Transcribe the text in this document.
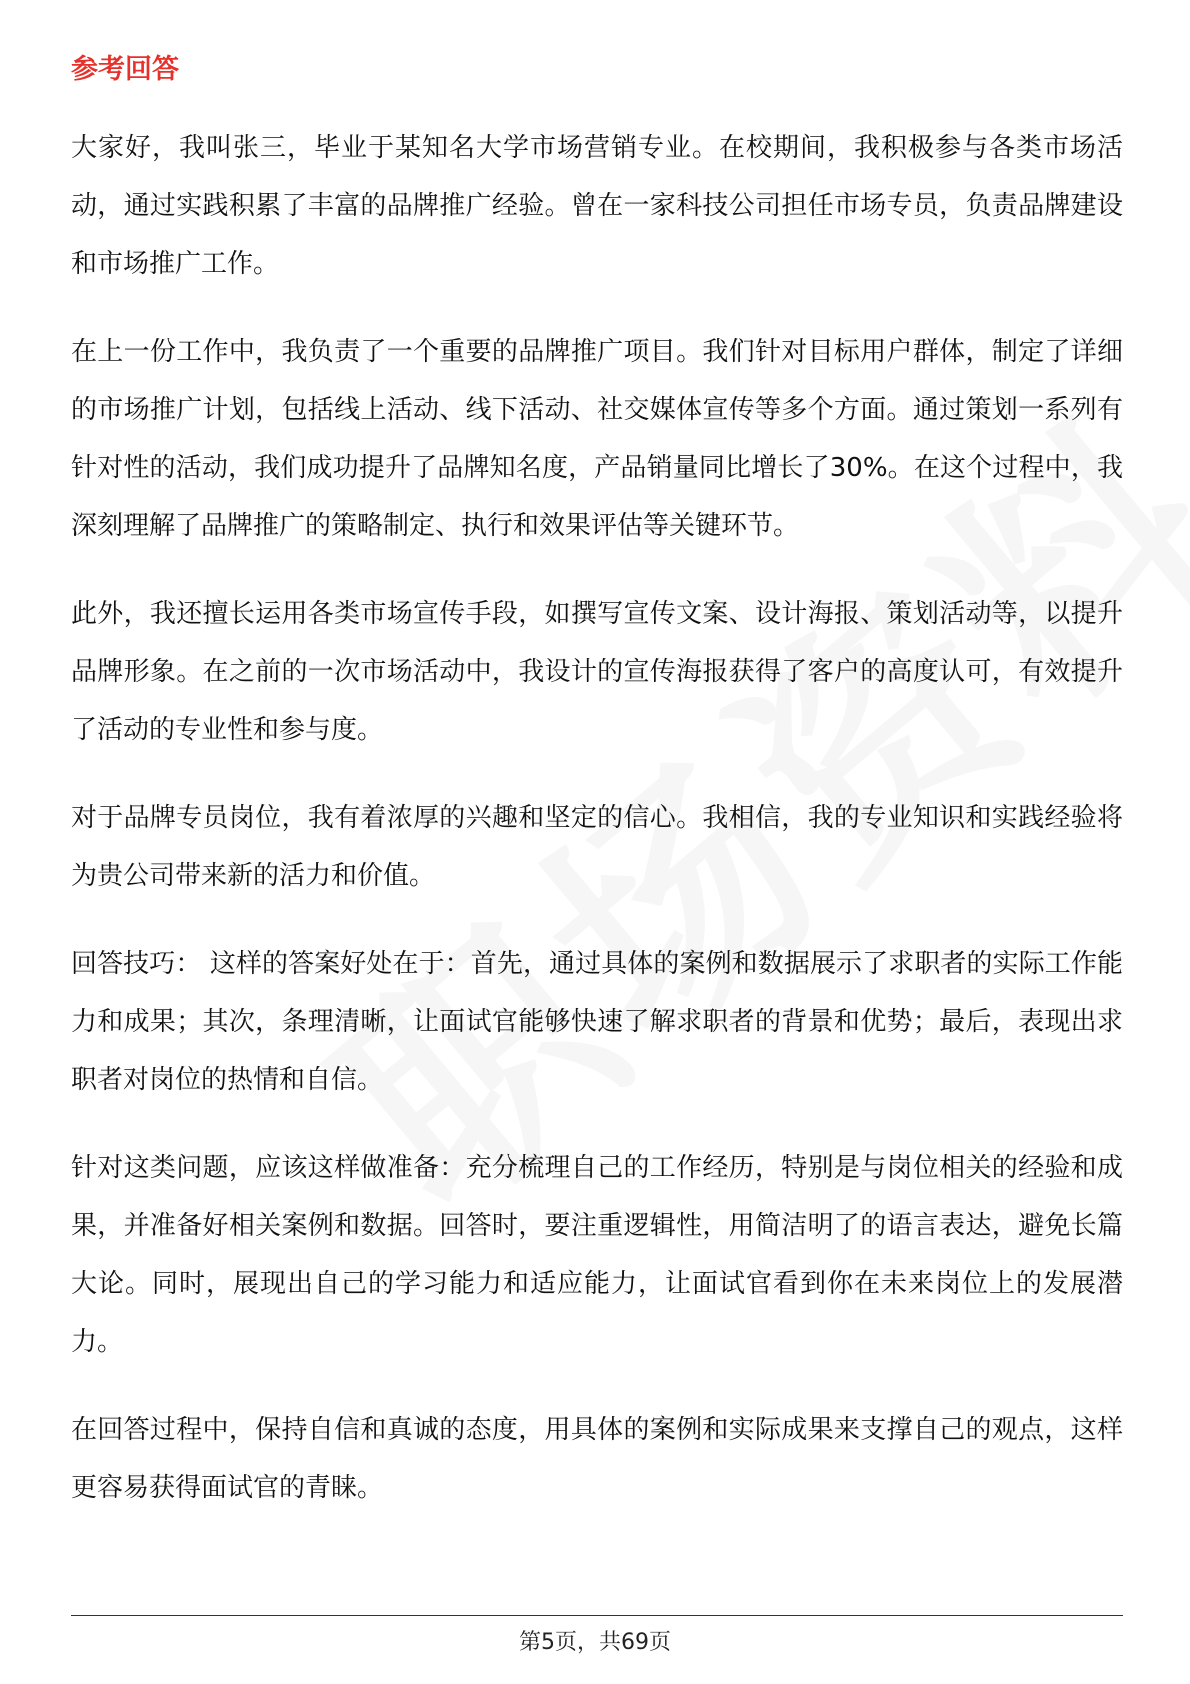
参考回答

大家好，我叫张三，毕业于某知名大学市场营销专业。在校期间，我积极参与各类市场活动，通过实践积累了丰富的品牌推广经验。曾在一家科技公司担任市场专员，负责品牌建设和市场推广工作。

在上一份工作中，我负责了一个重要的品牌推广项目。我们针对目标用户群体，制定了详细的市场推广计划，包括线上活动、线下活动、社交媒体宣传等多个方面。通过策划一系列有针对性的活动，我们成功提升了品牌知名度，产品销量同比增长了30%。在这个过程中，我深刻理解了品牌推广的策略制定、执行和效果评估等关键环节。

此外，我还擅长运用各类市场宣传手段，如撰写宣传文案、设计海报、策划活动等，以提升品牌形象。在之前的一次市场活动中，我设计的宣传海报获得了客户的高度认可，有效提升了活动的专业性和参与度。

对于品牌专员岗位，我有着浓厚的兴趣和坚定的信心。我相信，我的专业知识和实践经验将为贵公司带来新的活力和价值。

回答技巧： 这样的答案好处在于：首先，通过具体的案例和数据展示了求职者的实际工作能力和成果；其次，条理清晰，让面试官能够快速了解求职者的背景和优势；最后，表现出求职者对岗位的热情和自信。

针对这类问题，应该这样做准备：充分梳理自己的工作经历，特别是与岗位相关的经验和成果，并准备好相关案例和数据。回答时，要注重逻辑性，用简洁明了的语言表达，避免长篇大论。同时，展现出自己的学习能力和适应能力，让面试官看到你在未来岗位上的发展潜力。

在回答过程中，保持自信和真诚的态度，用具体的案例和实际成果来支撑自己的观点，这样更容易获得面试官的青睐。

第5页，共69页
